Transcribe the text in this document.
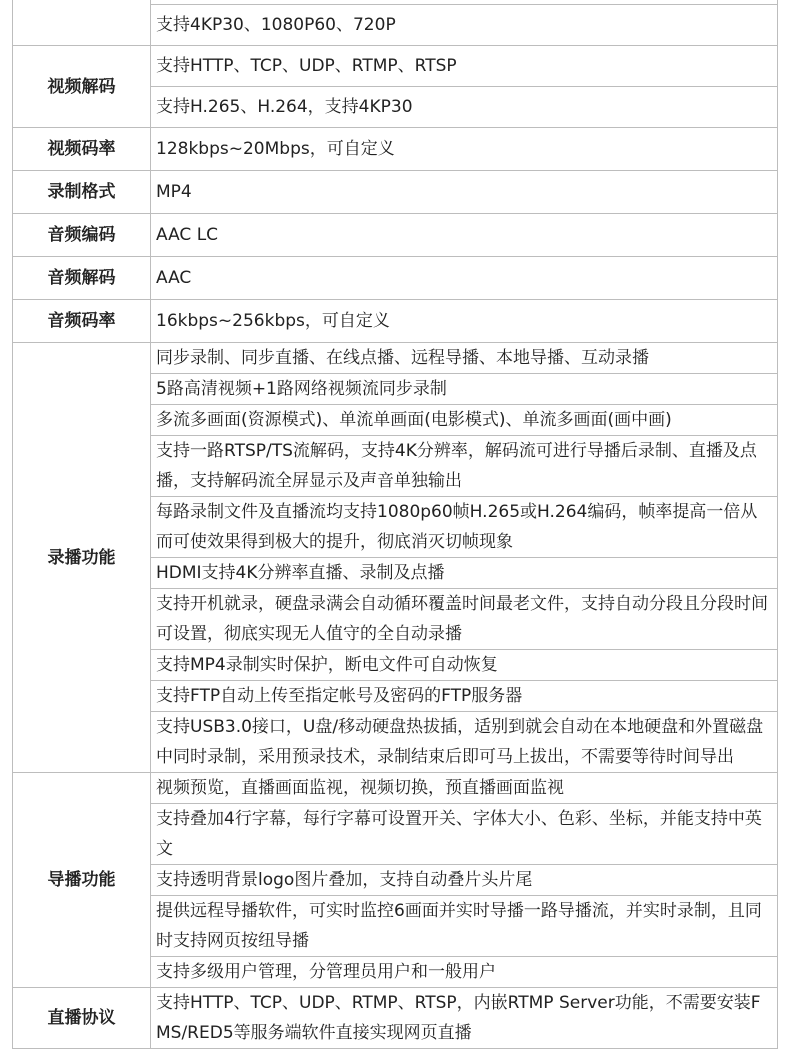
	支持4KP30、1080P60、720P
视频解码	支持HTTP、TCP、UDP、RTMP、RTSP
	支持H.265、H.264，支持4KP30
视频码率	128kbps~20Mbps，可自定义
录制格式	MP4
音频编码	AAC LC
音频解码	AAC
音频码率	16kbps~256kbps，可自定义
录播功能	同步录制、同步直播、在线点播、远程导播、本地导播、互动录播
	5路高清视频+1路网络视频流同步录制
	多流多画面(资源模式)、单流单画面(电影模式)、单流多画面(画中画)
	支持一路RTSP/TS流解码，支持4K分辨率，解码流可进行导播后录制、直播及点播，支持解码流全屏显示及声音单独输出
	每路录制文件及直播流均支持1080p60帧H.265或H.264编码，帧率提高一倍从而可使效果得到极大的提升，彻底消灭切帧现象
	HDMI支持4K分辨率直播、录制及点播
	支持开机就录，硬盘录满会自动循环覆盖时间最老文件，支持自动分段且分段时间可设置，彻底实现无人值守的全自动录播
	支持MP4录制实时保护，断电文件可自动恢复
	支持FTP自动上传至指定帐号及密码的FTP服务器
	支持USB3.0接口，U盘/移动硬盘热拔插，适别到就会自动在本地硬盘和外置磁盘中同时录制，采用预录技术，录制结束后即可马上拔出，不需要等待时间导出
导播功能	视频预览，直播画面监视，视频切换，预直播画面监视
	支持叠加4行字幕，每行字幕可设置开关、字体大小、色彩、坐标，并能支持中英文
	支持透明背景logo图片叠加，支持自动叠片头片尾
	提供远程导播软件，可实时监控6画面并实时导播一路导播流，并实时录制，且同时支持网页按纽导播
	支持多级用户管理，分管理员用户和一般用户
直播协议	支持HTTP、TCP、UDP、RTMP、RTSP，内嵌RTMP Server功能，不需要安装FMS/RED5等服务端软件直接实现网页直播
